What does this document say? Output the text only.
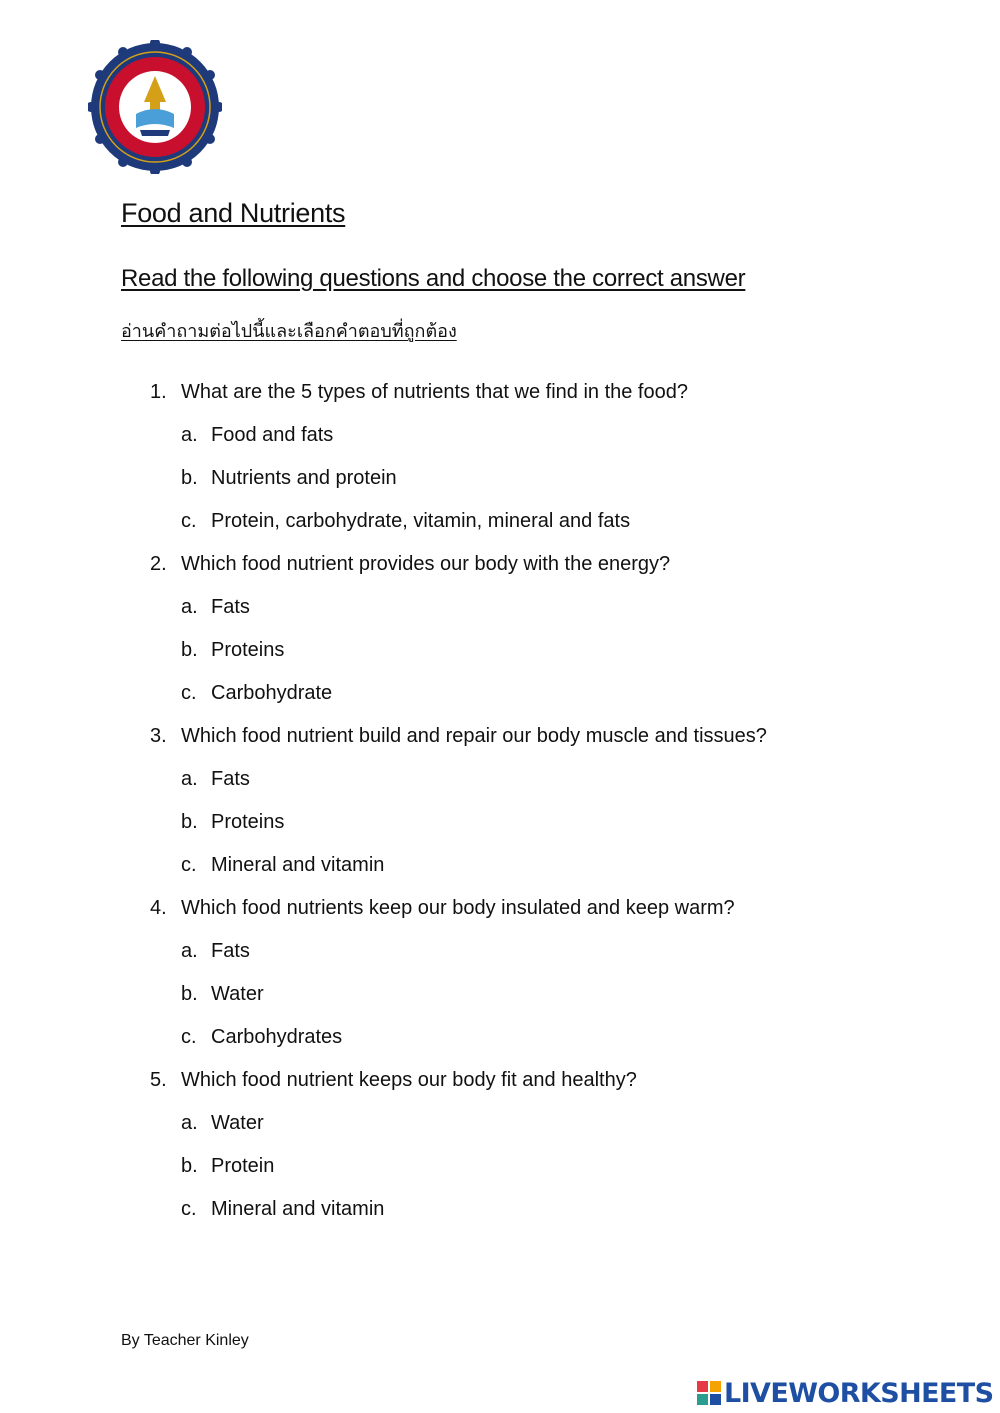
Food and Nutrients
Read the following questions and choose the correct answer

อ่านคำถามต่อไปนี้และเลือกคำตอบที่ถูกต้อง

1. What are the 5 types of nutrients that we find in the food?
a. Food and fats
b. Nutrients and protein
c. Protein, carbohydrate, vitamin, mineral and fats
2. Which food nutrient provides our body with the energy?
a. Fats
b. Proteins
c. Carbohydrate
3. Which food nutrient build and repair our body muscle and tissues?
a. Fats
b. Proteins
c. Mineral and vitamin
4. Which food nutrients keep our body insulated and keep warm?
a. Fats
b. Water
c. Carbohydrates
5. Which food nutrient keeps our body fit and healthy?
a. Water
b. Protein
c. Mineral and vitamin

By Teacher Kinley

LIVEWORKSHEETS
